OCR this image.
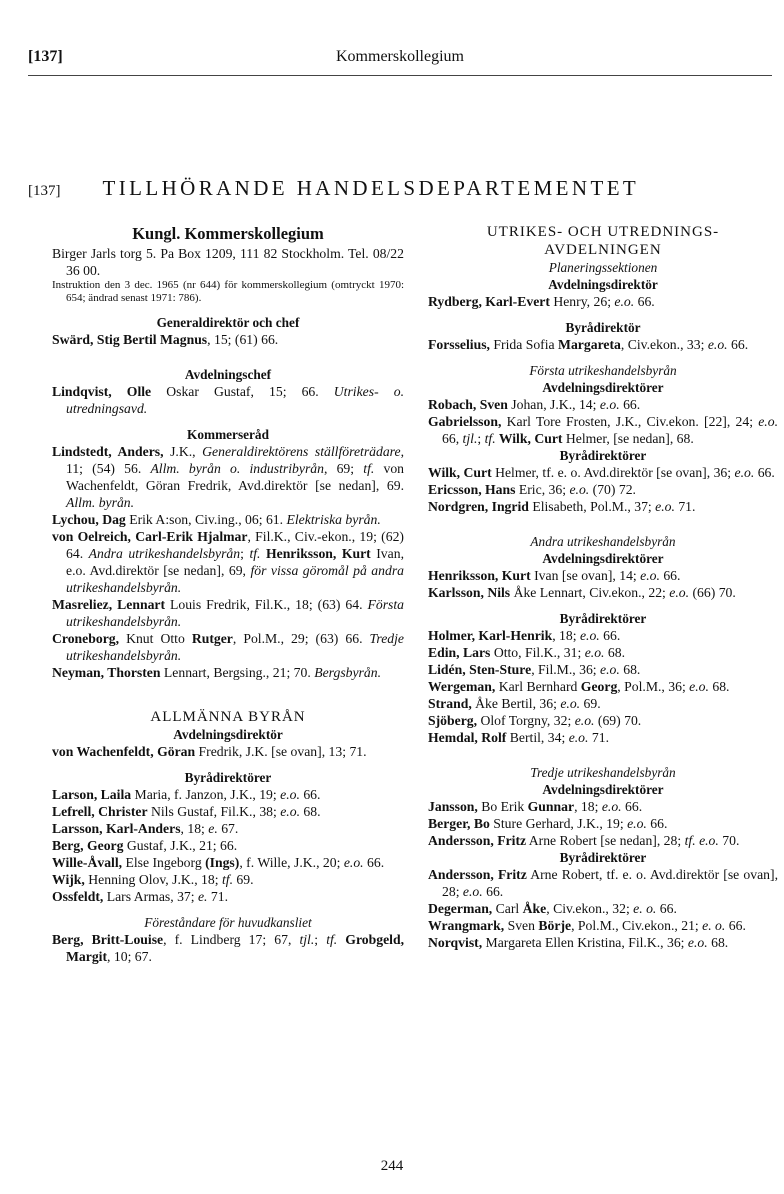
[137]	Kommerskollegium
[137] TILLHÖRANDE HANDELSDEPARTEMENTET

Kungl. Kommerskollegium

Birger Jarls torg 5. Pa Box 1209, 111 82 Stockholm. Tel. 08/22 36 00.

Instruktion den 3 dec. 1965 (nr 644) för kommerskollegium (omtryckt 1970: 654; ändrad senast 1971: 786).

Generaldirektör och chef

Swärd, Stig Bertil Magnus, 15; (61) 66.

Avdelningschef

Lindqvist, Olle Oskar Gustaf, 15; 66. Utrikes- o. utredningsavd.

Kommerseråd

Lindstedt, Anders, J.K., Generaldirektörens ställföreträdare, 11; (54) 56. Allm. byrån o. industribyrån, 69; tf. von Wachenfeldt, Göran Fredrik, Avd.direktör [se nedan], 69. Allm. byrån.

Lychou, Dag Erik A:son, Civ.ing., 06; 61. Elektriska byrån.

von Oelreich, Carl-Erik Hjalmar, Fil.K., Civ.-ekon., 19; (62) 64. Andra utrikeshandelsbyrån; tf. Henriksson, Kurt Ivan, e.o. Avd.direktör [se nedan], 69, för vissa göromål på andra utrikeshandelsbyrån.

Masreliez, Lennart Louis Fredrik, Fil.K., 18; (63) 64. Första utrikeshandelsbyrån.

Croneborg, Knut Otto Rutger, Pol.M., 29; (63) 66. Tredje utrikeshandelsbyrån.

Neyman, Thorsten Lennart, Bergsing., 21; 70. Bergsbyrån.

ALLMÄNNA BYRÅN

Avdelningsdirektör

von Wachenfeldt, Göran Fredrik, J.K. [se ovan], 13; 71.

Byrådirektörer

Larson, Laila Maria, f. Janzon, J.K., 19; e.o. 66.

Lefrell, Christer Nils Gustaf, Fil.K., 38; e.o. 68.

Larsson, Karl-Anders, 18; e. 67.

Berg, Georg Gustaf, J.K., 21; 66.

Wille-Åvall, Else Ingeborg (Ings), f. Wille, J.K., 20; e.o. 66.

Wijk, Henning Olov, J.K., 18; tf. 69.

Ossfeldt, Lars Armas, 37; e. 71.

Föreståndare för huvudkansliet

Berg, Britt-Louise, f. Lindberg 17; 67, tjl.; tf. Grobgeld, Margit, 10; 67.

UTRIKES- OCH UTREDNINGS-

AVDELNINGEN

Planeringssektionen

Avdelningsdirektör

Rydberg, Karl-Evert Henry, 26; e.o. 66.

Byrådirektör

Forsselius, Frida Sofia Margareta, Civ.ekon., 33; e.o. 66.

Första utrikeshandelsbyrån

Avdelningsdirektörer

Robach, Sven Johan, J.K., 14; e.o. 66.

Gabrielsson, Karl Tore Frosten, J.K., Civ.ekon. [22], 24; e.o. 66, tjl.; tf. Wilk, Curt Helmer, [se nedan], 68.

Byrådirektörer

Wilk, Curt Helmer, tf. e. o. Avd.direktör [se ovan], 36; e.o. 66.

Ericsson, Hans Eric, 36; e.o. (70) 72.

Nordgren, Ingrid Elisabeth, Pol.M., 37; e.o. 71.

Andra utrikeshandelsbyrån

Avdelningsdirektörer

Henriksson, Kurt Ivan [se ovan], 14; e.o. 66.

Karlsson, Nils Åke Lennart, Civ.ekon., 22; e.o. (66) 70.

Byrådirektörer

Holmer, Karl-Henrik, 18; e.o. 66.

Edin, Lars Otto, Fil.K., 31; e.o. 68.

Lidén, Sten-Sture, Fil.M., 36; e.o. 68.

Wergeman, Karl Bernhard Georg, Pol.M., 36; e.o. 68.

Strand, Åke Bertil, 36; e.o. 69.

Sjöberg, Olof Torgny, 32; e.o. (69) 70.

Hemdal, Rolf Bertil, 34; e.o. 71.

Tredje utrikeshandelsbyrån

Avdelningsdirektörer

Jansson, Bo Erik Gunnar, 18; e.o. 66.

Berger, Bo Sture Gerhard, J.K., 19; e.o. 66.

Andersson, Fritz Arne Robert [se nedan], 28; tf. e.o. 70.

Byrådirektörer

Andersson, Fritz Arne Robert, tf. e. o. Avd.direktör [se ovan], 28; e.o. 66.

Degerman, Carl Åke, Civ.ekon., 32; e. o. 66.

Wrangmark, Sven Börje, Pol.M., Civ.ekon., 21; e. o. 66.

Norqvist, Margareta Ellen Kristina, Fil.K., 36; e.o. 68.

244
